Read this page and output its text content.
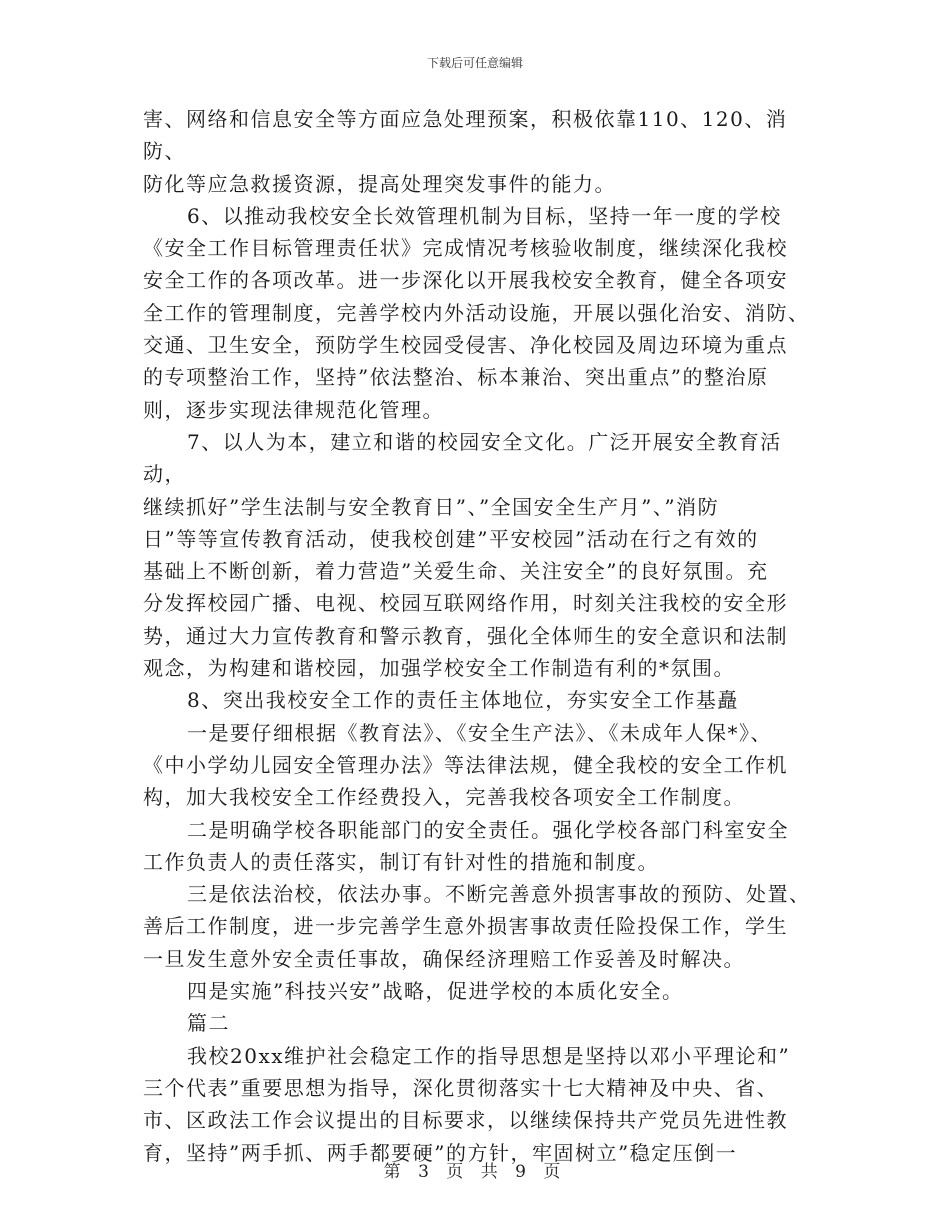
下载后可任意编辑

害、网络和信息安全等方面应急处理预案，积极依靠110、120、消防、
防化等应急救援资源，提高处理突发事件的能力。

6、以推动我校安全长效管理机制为目标，坚持一年一度的学校
《安全工作目标管理责任状》完成情况考核验收制度，继续深化我校
安全工作的各项改革。进一步深化以开展我校安全教育，健全各项安
全工作的管理制度，完善学校内外活动设施，开展以强化治安、消防、
交通、卫生安全，预防学生校园受侵害、净化校园及周边环境为重点
的专项整治工作，坚持”依法整治、标本兼治、突出重点”的整治原
则，逐步实现法律规范化管理。

7、以人为本，建立和谐的校园安全文化。广泛开展安全教育活动，
继续抓好”学生法制与安全教育日”、”全国安全生产月”、”消防
日”等等宣传教育活动，使我校创建”平安校园”活动在行之有效的
基础上不断创新，着力营造”关爱生命、关注安全”的良好氛围。充
分发挥校园广播、电视、校园互联网络作用，时刻关注我校的安全形
势，通过大力宣传教育和警示教育，强化全体师生的安全意识和法制
观念，为构建和谐校园，加强学校安全工作制造有利的*氛围。

8、突出我校安全工作的责任主体地位，夯实安全工作基矗

一是要仔细根据《教育法》、《安全生产法》、《未成年人保*》、
《中小学幼儿园安全管理办法》等法律法规，健全我校的安全工作机
构，加大我校安全工作经费投入，完善我校各项安全工作制度。

二是明确学校各职能部门的安全责任。强化学校各部门科室安全
工作负责人的责任落实，制订有针对性的措施和制度。

三是依法治校，依法办事。不断完善意外损害事故的预防、处置、
善后工作制度，进一步完善学生意外损害事故责任险投保工作，学生
一旦发生意外安全责任事故，确保经济理赔工作妥善及时解决。

四是实施”科技兴安”战略，促进学校的本质化安全。

篇二

我校20xx维护社会稳定工作的指导思想是坚持以邓小平理论和”
三个代表”重要思想为指导，深化贯彻落实十七大精神及中央、省、
市、区政法工作会议提出的目标要求，以继续保持共产党员先进性教
育，坚持”两手抓、两手都要硬”的方针，牢固树立”稳定压倒一

第 3 页 共 9 页
